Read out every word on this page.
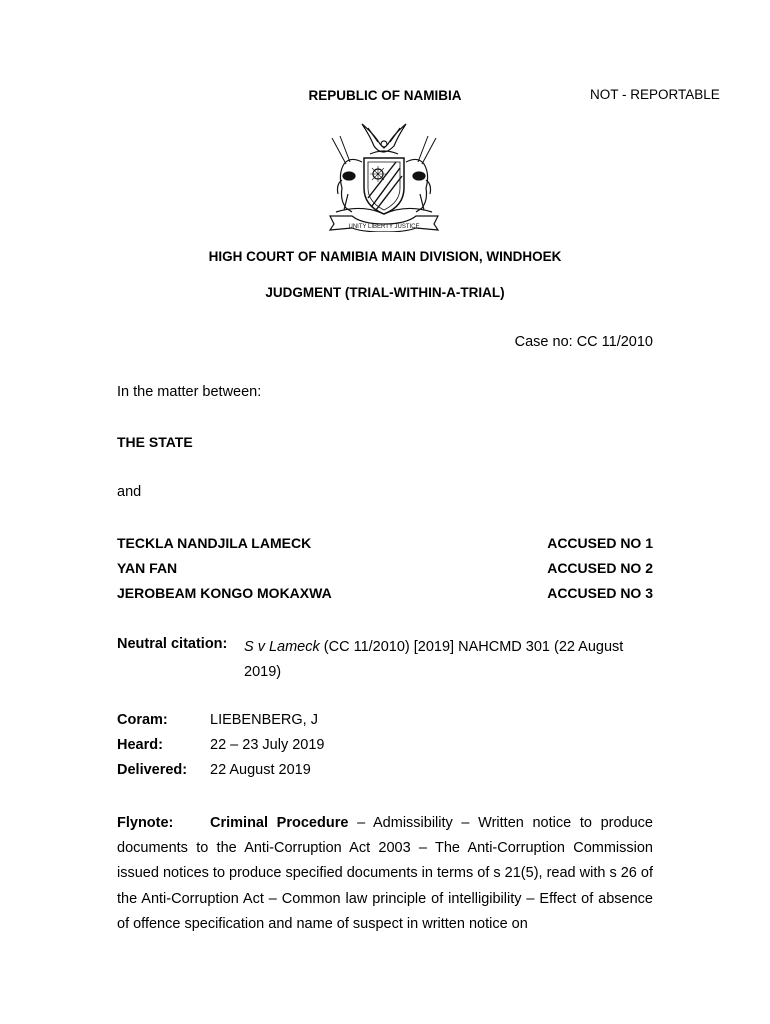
REPUBLIC OF NAMIBIA	NOT - REPORTABLE
UNITY LIBERTY JUSTICE
HIGH COURT OF NAMIBIA MAIN DIVISION, WINDHOEK
JUDGMENT (TRIAL-WITHIN-A-TRIAL)
Case no: CC 11/2010
In the matter between:
THE STATE
and
TECKLA NANDJILA LAMECK	ACCUSED NO 1
YAN FAN	ACCUSED NO 2
JEROBEAM KONGO MOKAXWA	ACCUSED NO 3
Neutral citation: S v Lameck (CC 11/2010) [2019] NAHCMD 301 (22 August 2019)
Coram:	LIEBENBERG, J
Heard:	22 – 23 July 2019
Delivered: 22 August 2019
Flynote:	Criminal Procedure – Admissibility – Written notice to produce documents to the Anti-Corruption Act 2003 – The Anti-Corruption Commission issued notices to produce specified documents in terms of s 21(5), read with s 26 of the Anti-Corruption Act – Common law principle of intelligibility – Effect of absence of offence specification and name of suspect in written notice on
